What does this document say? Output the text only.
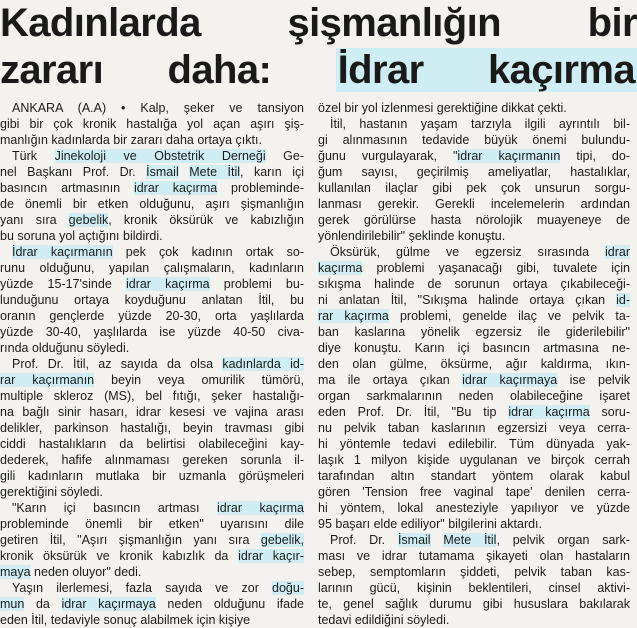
Kadınlarda şişmanlığın bir
zararı daha: İdrar kaçırma
ANKARA (A.A) • Kalp, şeker ve tansiyon
gibi bir çok kronik hastalığa yol açan aşırı şiş-
manlığın kadınlarda bir zararı daha ortaya çıktı.
Türk Jinekoloji ve Obstetrik Derneği Ge-
nel Başkanı Prof. Dr. İsmail Mete İtil, karın içi
basıncın artmasının idrar kaçırma probleminde-
de önemli bir etken olduğunu, aşırı şişmanlığın
yanı sıra gebelik, kronik öksürük ve kabızlığın
bu soruna yol açtığını bildirdi.
İdrar kaçırmanın pek çok kadının ortak so-
runu olduğunu, yapılan çalışmaların, kadınların
yüzde 15-17'sinde idrar kaçırma problemi bu-
lunduğunu ortaya koyduğunu anlatan İtil, bu
oranın gençlerde yüzde 20-30, orta yaşlılarda
yüzde 30-40, yaşlılarda ise yüzde 40-50 civa-
rında olduğunu söyledi.
Prof. Dr. İtil, az sayıda da olsa kadınlarda id-
rar kaçırmanın beyin veya omurilik tümörü,
multiple skleroz (MS), bel fıtığı, şeker hastalığı-
na bağlı sinir hasarı, idrar kesesi ve vajina arası
delikler, parkinson hastalığı, beyin travması gibi
ciddi hastalıkların da belirtisi olabileceğini kay-
dederek, hafife alınmaması gereken sorunla il-
gili kadınların mutlaka bir uzmanla görüşmeleri
gerektiğini söyledi.
"Karın içi basıncın artması idrar kaçırma
probleminde önemli bir etken" uyarısını dile
getiren İtil, "Aşırı şişmanlığın yanı sıra gebelik,
kronik öksürük ve kronik kabızlık da idrar kaçır-
maya neden oluyor" dedi.
Yaşın ilerlemesi, fazla sayıda ve zor doğu-
mun da idrar kaçırmaya neden olduğunu ifade
eden İtil, tedaviyle sonuç alabilmek için kişiye
özel bir yol izlenmesi gerektiğine dikkat çekti.
İtil, hastanın yaşam tarzıyla ilgili ayrıntılı bil-
gi alınmasının tedavide büyük önemi bulundu-
ğunu vurgulayarak, "idrar kaçırmanın tipi, do-
ğum sayısı, geçirilmiş ameliyatlar, hastalıklar,
kullanılan ilaçlar gibi pek çok unsurun sorgu-
lanması gerekir. Gerekli incelemelerin ardından
gerek görülürse hasta nörolojik muayeneye de
yönlendirilebilir" şeklinde konuştu.
Öksürük, gülme ve egzersiz sırasında idrar
kaçırma problemi yaşanacağı gibi, tuvalete için
sıkışma halinde de sorunun ortaya çıkabileceği-
ni anlatan İtil, "Sıkışma halinde ortaya çıkan id-
rar kaçırma problemi, genelde ilaç ve pelvik ta-
ban kaslarına yönelik egzersiz ile giderilebilir"
diye konuştu. Karın içi basıncın artmasına ne-
den olan gülme, öksürme, ağır kaldırma, ıkın-
ma ile ortaya çıkan idrar kaçırmaya ise pelvik
organ sarkmalarının neden olabileceğine işaret
eden Prof. Dr. İtil, "Bu tip idrar kaçırma soru-
nu pelvik taban kaslarının egzersizi veya cerra-
hi yöntemle tedavi edilebilir. Tüm dünyada yak-
laşık 1 milyon kişide uygulanan ve birçok cerrah
tarafından altın standart yöntem olarak kabul
gören 'Tension free vaginal tape' denilen cerra-
hi yöntem, lokal anesteziyle yapılıyor ve yüzde
95 başarı elde ediliyor" bilgilerini aktardı.
Prof. Dr. İsmail Mete İtil, pelvik organ sark-
ması ve idrar tutamama şikayeti olan hastaların
sebep, semptomların şiddeti, pelvik taban kas-
larının gücü, kişinin beklentileri, cinsel aktivi-
te, genel sağlık durumu gibi hususlara bakılarak
tedavi edildiğini söyledi.
